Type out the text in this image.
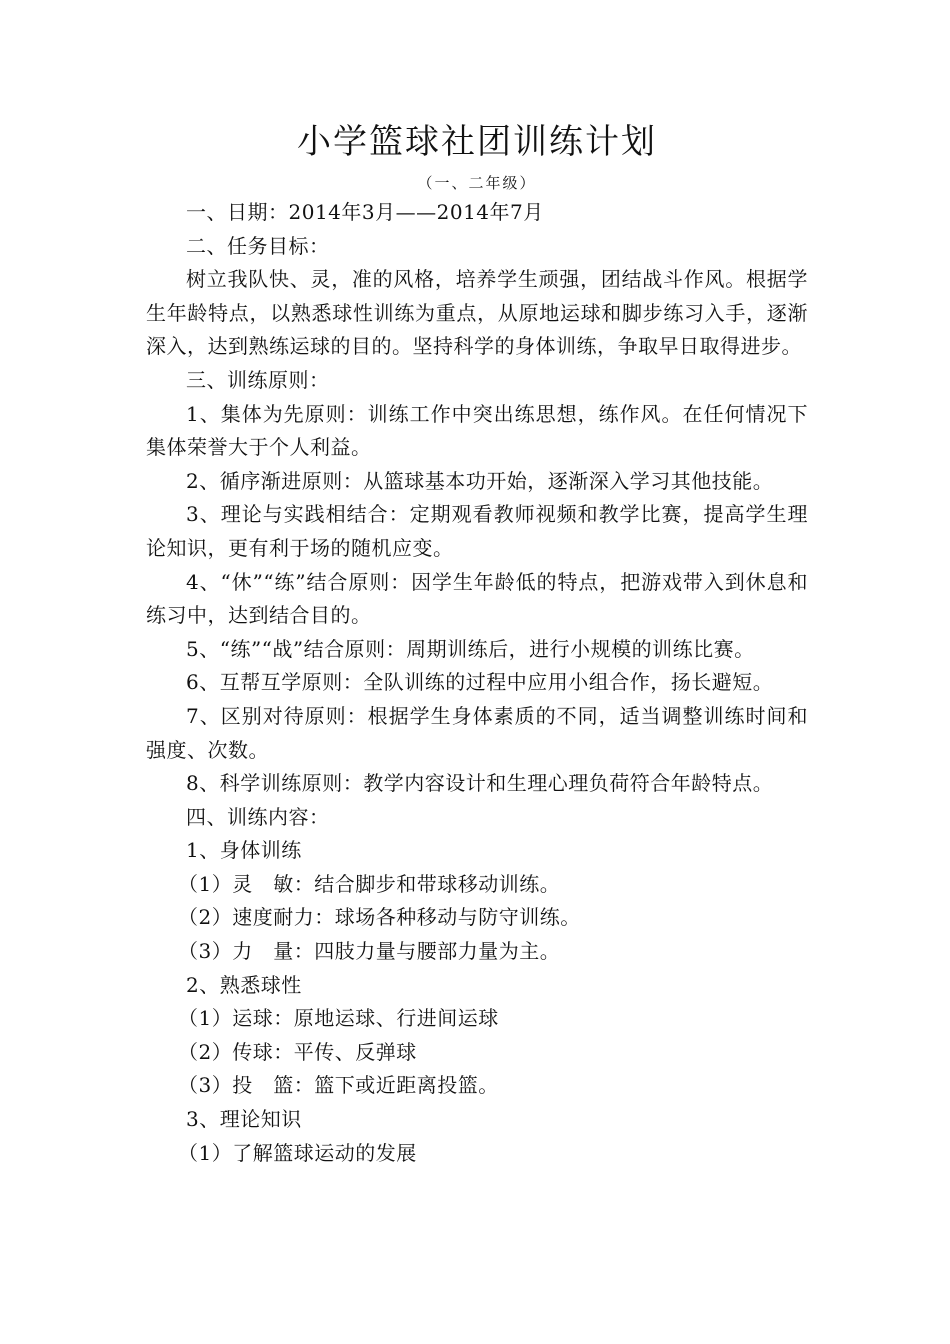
小学篮球社团训练计划
（一、二年级）

一、日期：2014年3月——2014年7月

二、任务目标：

树立我队快、灵，准的风格，培养学生顽强，团结战斗作风。根据学生年龄特点，以熟悉球性训练为重点，从原地运球和脚步练习入手，逐渐深入，达到熟练运球的目的。坚持科学的身体训练，争取早日取得进步。

三、训练原则：

1、集体为先原则：训练工作中突出练思想，练作风。在任何情况下集体荣誉大于个人利益。

2、循序渐进原则：从篮球基本功开始，逐渐深入学习其他技能。

3、理论与实践相结合：定期观看教师视频和教学比赛，提高学生理论知识，更有利于场的随机应变。

4、“休”“练”结合原则：因学生年龄低的特点，把游戏带入到休息和练习中，达到结合目的。

5、“练”“战”结合原则：周期训练后，进行小规模的训练比赛。

6、互帮互学原则：全队训练的过程中应用小组合作，扬长避短。

7、区别对待原则：根据学生身体素质的不同，适当调整训练时间和强度、次数。

8、科学训练原则：教学内容设计和生理心理负荷符合年龄特点。

四、训练内容：

1、身体训练

（1）灵　敏：结合脚步和带球移动训练。

（2）速度耐力：球场各种移动与防守训练。

（3）力　量：四肢力量与腰部力量为主。

2、熟悉球性

（1）运球：原地运球、行进间运球

（2）传球：平传、反弹球

（3）投　篮：篮下或近距离投篮。

3、理论知识

（1）了解篮球运动的发展
